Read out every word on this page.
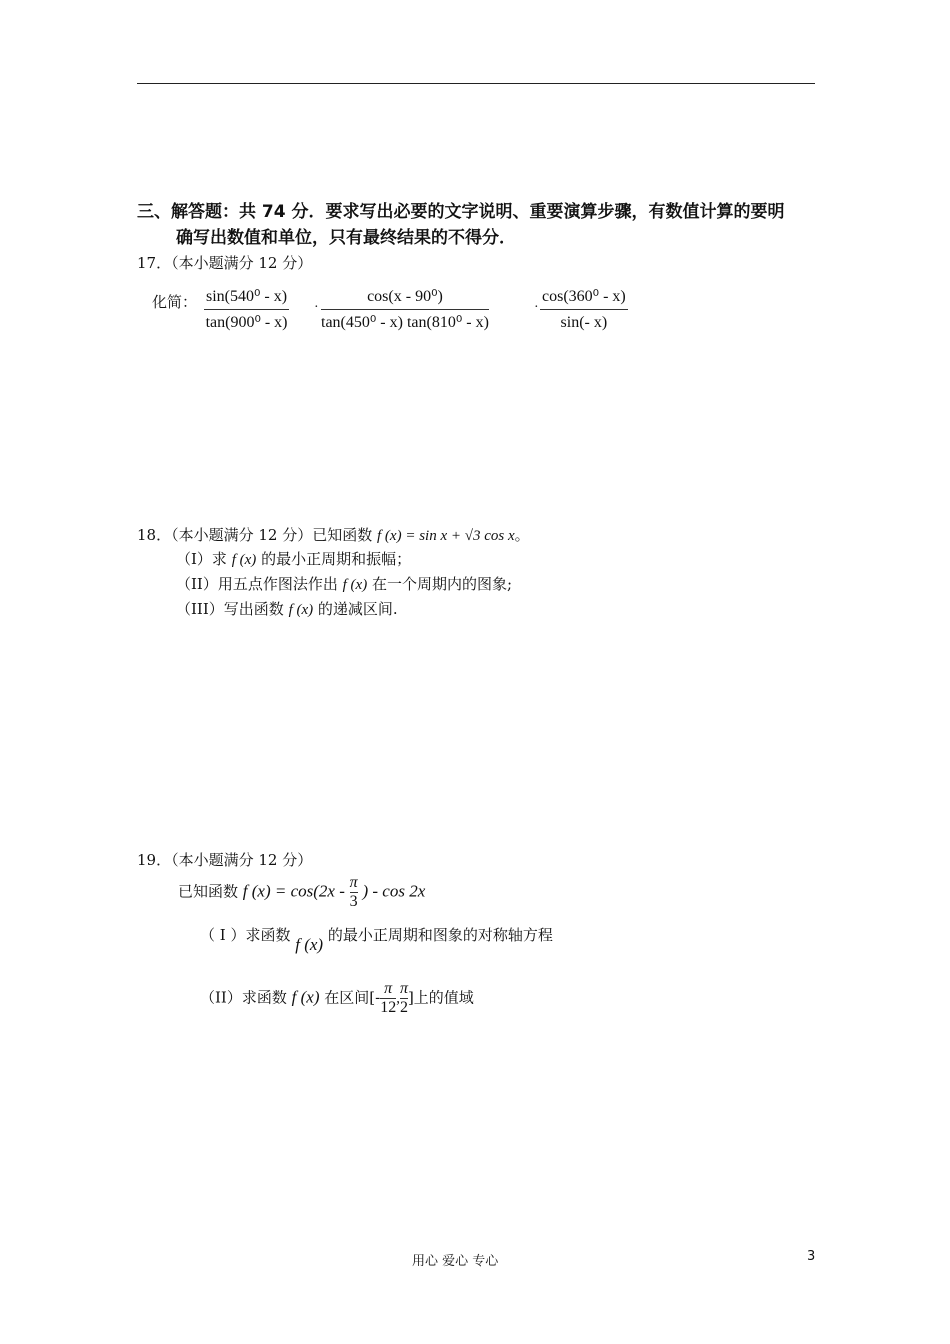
三、解答题：共 74 分．要求写出必要的文字说明、重要演算步骤，有数值计算的要明
确写出数值和单位，只有最终结果的不得分．
17．（本小题满分 12 分）
化简： $\frac{\text{sin(540⁰ - x)}}{\text{tan(900⁰ - x)}} \cdot \frac{\text{cos(x - 90⁰)}}{\text{tan(450⁰ - x) tan(810⁰ - x)}}$	· $\frac{\text{cos(360⁰ - x)}}{\sin(- x)}$
18．（本小题满分 12 分）已知函数 f (x) = sin x + √3 cos x。
（I）求 f (x) 的最小正周期和振幅；
（II）用五点作图法作出 f (x) 在一个周期内的图象;
（III）写出函数 f (x) 的递减区间.
19．（本小题满分 12 分）
已知函数 f $(x) = \cos(2x - \frac{\pi}{3}$ ) - cos 2x
（ I ）求函数 f (x) 的最小正周期和图象的对称轴方程
（II）求函数 f (x) 在区间[- $\frac{\pi}{12}$ , $\frac{\pi}{2}$ ]上的值域
用心 爱心 专心	3
